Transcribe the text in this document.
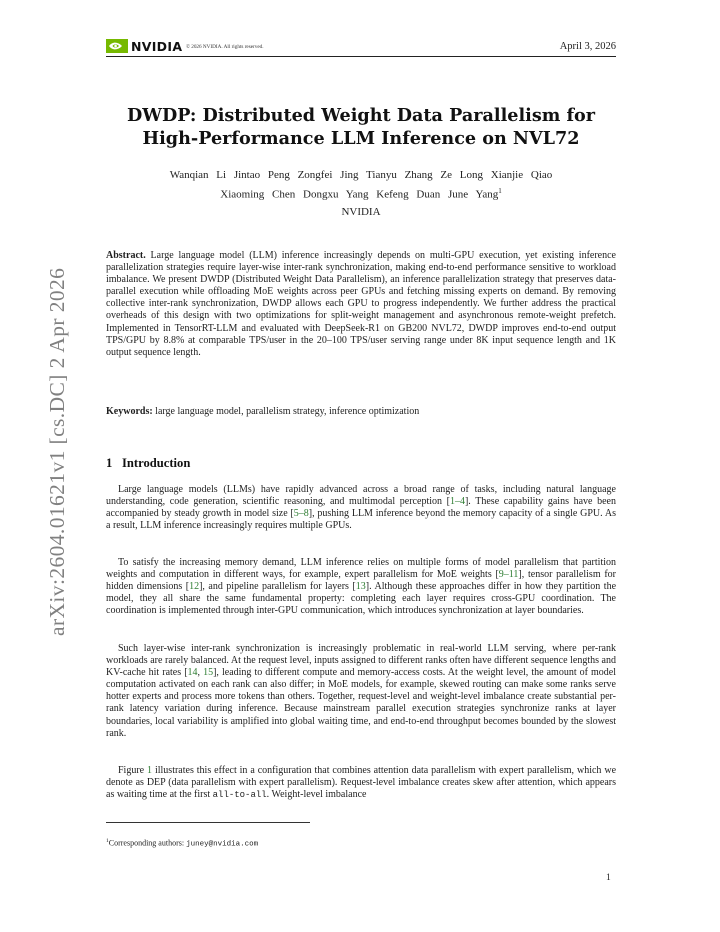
NVIDIA © 2026 NVIDIA. All rights reserved.	April 3, 2026
arXiv:2604.01621v1 [cs.DC] 2 Apr 2026
DWDP: Distributed Weight Data Parallelism for
High-Performance LLM Inference on NVL72
Wanqian Li Jintao Peng Zongfei Jing Tianyu Zhang Ze Long Xianjie Qiao
Xiaoming Chen Dongxu Yang Kefeng Duan June Yang$^1$
NVIDIA
Abstract. Large language model (LLM) inference increasingly depends on multi-GPU execution, yet existing inference parallelization strategies require layer-wise inter-rank synchronization, making end-to-end performance sensitive to workload imbalance. We present DWDP (Distributed Weight Data Parallelism), an inference parallelization strategy that preserves data-parallel execution while offloading MoE weights across peer GPUs and fetching missing experts on demand. By removing collective inter-rank synchronization, DWDP allows each GPU to progress independently. We further address the practical overheads of this design with two optimizations for split-weight management and asynchronous remote-weight prefetch. Implemented in TensorRT-LLM and evaluated with DeepSeek-R1 on GB200 NVL72, DWDP improves end-to-end output TPS/GPU by 8.8% at comparable TPS/user in the 20–100 TPS/user serving range under 8K input sequence length and 1K output sequence length.
Keywords: large language model, parallelism strategy, inference optimization
1 Introduction
Large language models (LLMs) have rapidly advanced across a broad range of tasks, including natural language understanding, code generation, scientific reasoning, and multimodal perception [1–4]. These capability gains have been accompanied by steady growth in model size [5–8], pushing LLM inference beyond the memory capacity of a single GPU. As a result, LLM inference increasingly requires multiple GPUs.
To satisfy the increasing memory demand, LLM inference relies on multiple forms of model parallelism that partition weights and computation in different ways, for example, expert parallelism for MoE weights [9–11], tensor parallelism for hidden dimensions [12], and pipeline parallelism for layers [13]. Although these approaches differ in how they partition the model, they all share the same fundamental property: completing each layer requires cross-GPU coordination. The coordination is implemented through inter-GPU communication, which introduces synchronization at layer boundaries.
Such layer-wise inter-rank synchronization is increasingly problematic in real-world LLM serving, where per-rank workloads are rarely balanced. At the request level, inputs assigned to different ranks often have different sequence lengths and KV-cache hit rates [14, 15], leading to different compute and memory-access costs. At the weight level, the amount of model computation activated on each rank can also differ; in MoE models, for example, skewed routing can make some ranks serve hotter experts and process more tokens than others. Together, request-level and weight-level imbalance create substantial per-rank latency variation during inference. Because mainstream parallel execution strategies synchronize ranks at layer boundaries, local variability is amplified into global waiting time, and end-to-end throughput becomes bounded by the slowest rank.
Figure 1 illustrates this effect in a configuration that combines attention data parallelism with expert parallelism, which we denote as DEP (data parallelism with expert parallelism). Request-level imbalance creates skew after attention, which appears as waiting time at the first all-to-all. Weight-level imbalance
$^1$Corresponding authors: juney@nvidia.com
1
